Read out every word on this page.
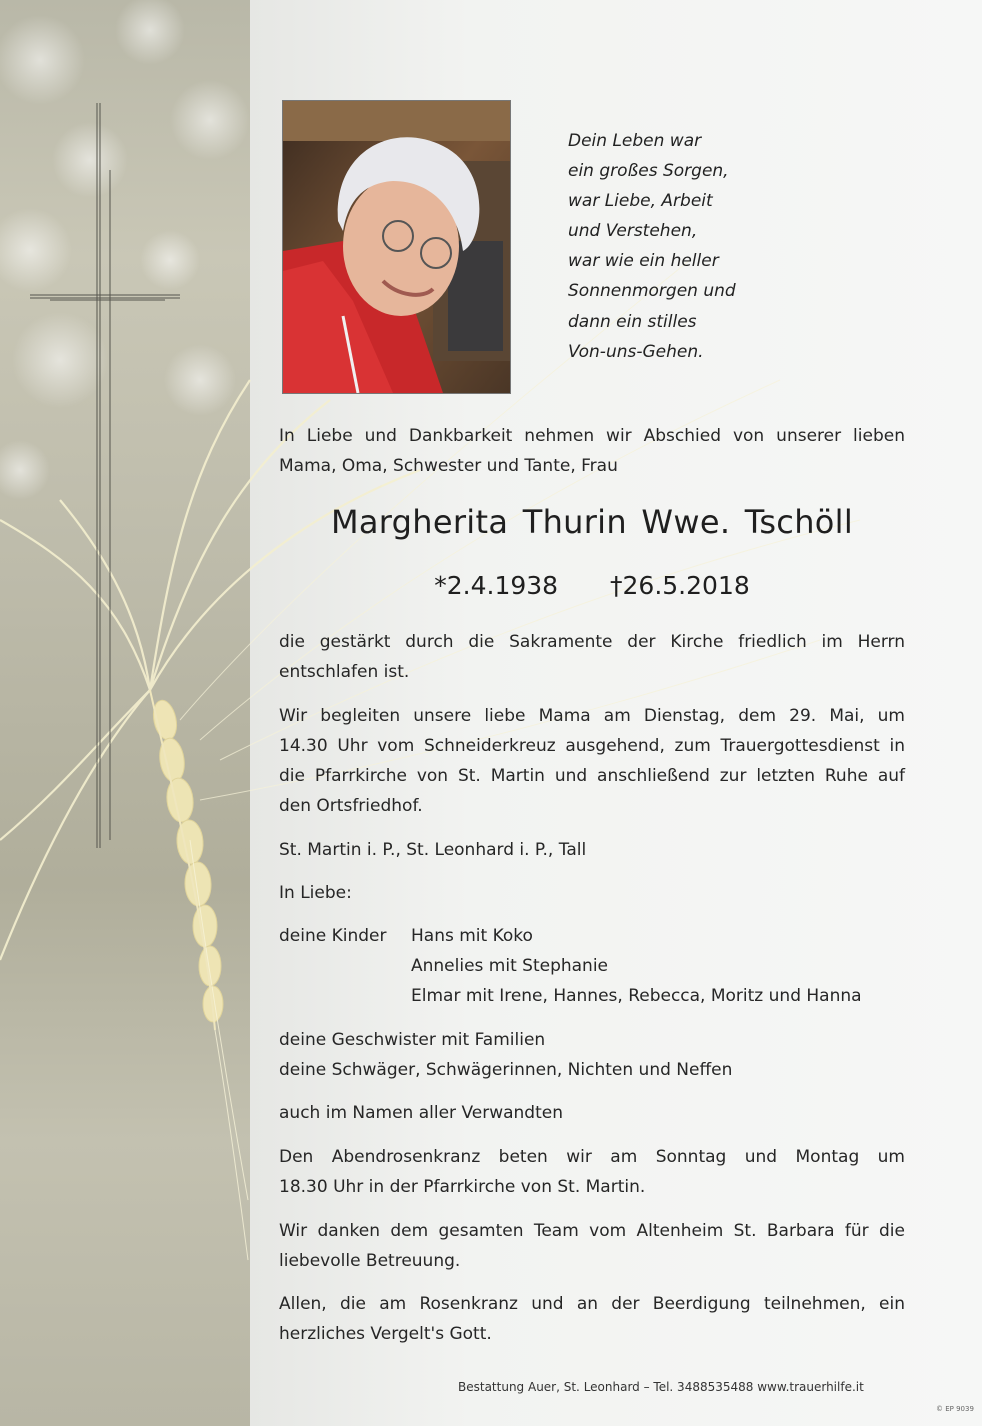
Dein Leben war
ein großes Sorgen,
war Liebe, Arbeit
und Verstehen,
war wie ein heller
Sonnenmorgen und
dann ein stilles
Von-uns-Gehen.
In Liebe und Dankbarkeit nehmen wir Abschied von unserer lieben
Mama, Oma, Schwester und Tante, Frau
Margherita Thurin Wwe. Tschöll
*2.4.1938 †26.5.2018
die gestärkt durch die Sakramente der Kirche friedlich im Herrn
entschlafen ist.
Wir begleiten unsere liebe Mama am Dienstag, dem 29. Mai, um
14.30 Uhr vom Schneiderkreuz ausgehend, zum Trauergottesdienst in
die Pfarrkirche von St. Martin und anschließend zur letzten Ruhe auf
den Ortsfriedhof.
St. Martin i. P., St. Leonhard i. P., Tall
In Liebe:
deine Kinder Hans mit Koko
Annelies mit Stephanie
Elmar mit Irene, Hannes, Rebecca, Moritz und Hanna
deine Geschwister mit Familien
deine Schwäger, Schwägerinnen, Nichten und Neffen
auch im Namen aller Verwandten
Den Abendrosenkranz beten wir am Sonntag und Montag um
18.30 Uhr in der Pfarrkirche von St. Martin.
Wir danken dem gesamten Team vom Altenheim St. Barbara für die
liebevolle Betreuung.
Allen, die am Rosenkranz und an der Beerdigung teilnehmen, ein
herzliches Vergelt's Gott.
Bestattung Auer, St. Leonhard – Tel. 3488535488 www.trauerhilfe.it
© EP 9039
